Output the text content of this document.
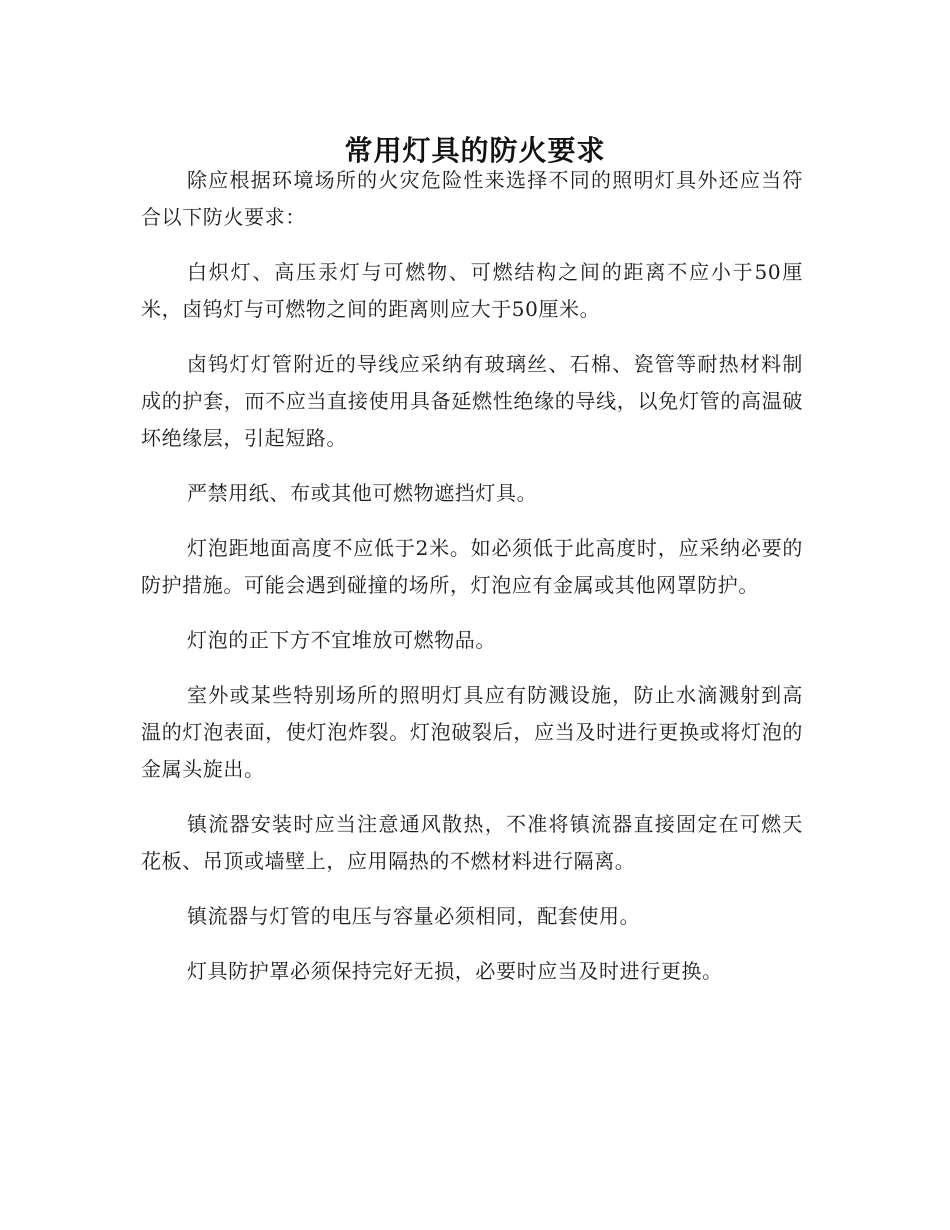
常用灯具的防火要求

除应根据环境场所的火灾危险性来选择不同的照明灯具外还应当符合以下防火要求：

白炽灯、高压汞灯与可燃物、可燃结构之间的距离不应小于50厘米，卤钨灯与可燃物之间的距离则应大于50厘米。

卤钨灯灯管附近的导线应采纳有玻璃丝、石棉、瓷管等耐热材料制成的护套，而不应当直接使用具备延燃性绝缘的导线，以免灯管的高温破坏绝缘层，引起短路。

严禁用纸、布或其他可燃物遮挡灯具。

灯泡距地面高度不应低于2米。如必须低于此高度时，应采纳必要的防护措施。可能会遇到碰撞的场所，灯泡应有金属或其他网罩防护。

灯泡的正下方不宜堆放可燃物品。

室外或某些特别场所的照明灯具应有防溅设施，防止水滴溅射到高温的灯泡表面，使灯泡炸裂。灯泡破裂后，应当及时进行更换或将灯泡的金属头旋出。

镇流器安装时应当注意通风散热，不准将镇流器直接固定在可燃天花板、吊顶或墙壁上，应用隔热的不燃材料进行隔离。

镇流器与灯管的电压与容量必须相同，配套使用。

灯具防护罩必须保持完好无损，必要时应当及时进行更换。
